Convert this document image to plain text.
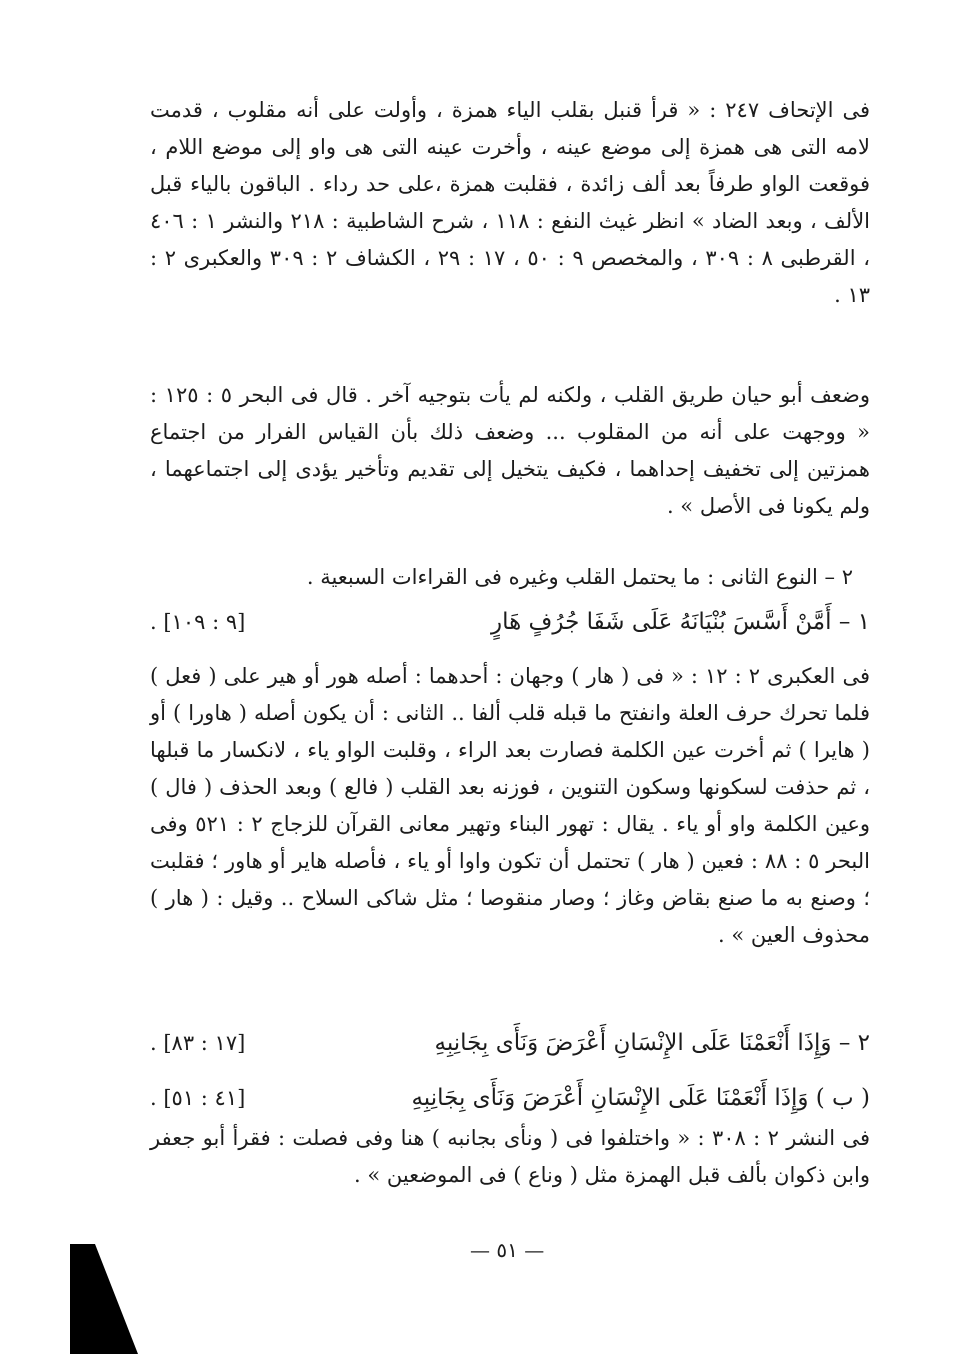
فى الإتحاف ٢٤٧ : « قرأ قنبل بقلب الياء همزة ، وأولت على أنه مقلوب ، قدمت لامه التى هى همزة إلى موضع عينه ، وأخرت عينه التى هى واو إلى موضع اللام ، فوقعت الواو طرفاً بعد ألف زائدة ، فقلبت همزة ،على حد رداء . الباقون بالياء قبل الألف ، وبعد الضاد » انظر غيث النفع : ١١٨ ، شرح الشاطبية : ٢١٨ والنشر ١ : ٤٠٦ ، القرطبى ٨ : ٣٠٩ ، والمخصص ٩ : ٥٠ ، ١٧ : ٢٩ ، الكشاف ٢ : ٣٠٩ والعكبرى ٢ : ١٣ .
وضعف أبو حيان طريق القلب ، ولكنه لم يأت بتوجيه آخر . قال فى البحر ٥ : ١٢٥ : « ووجهت على أنه من المقلوب ... وضعف ذلك بأن القياس الفرار من اجتماع همزتين إلى تخفيف إحداهما ، فكيف يتخيل إلى تقديم وتأخير يؤدى إلى اجتماعهما ، ولم يكونا فى الأصل » .
٢ – النوع الثانى : ما يحتمل القلب وغيره فى القراءات السبعية .
١ – أَمَّنْ أَسَّسَ بُنْيَانَهُ عَلَى شَفَا جُرُفٍ هَارٍ
[٩ : ١٠٩] .
فى العكبرى ٢ : ١٢ : « فى ( هار ) وجهان : أحدهما : أصله هور أو هير على ( فعل ) فلما تحرك حرف العلة وانفتح ما قبله قلب ألفا .. الثانى : أن يكون أصله ( هاورا ) أو ( هايرا ) ثم أخرت عين الكلمة فصارت بعد الراء ، وقلبت الواو ياء ، لانكسار ما قبلها ، ثم حذفت لسكونها وسكون التنوين ، فوزنه بعد القلب ( فالع ) وبعد الحذف ( فال ) وعين الكلمة واو أو ياء . يقال : تهور البناء وتهير معانى القرآن للزجاج ٢ : ٥٢١ وفى البحر ٥ : ٨٨ : فعين ( هار ) تحتمل أن تكون واوا أو ياء ، فأصله هاير أو هاور ؛ فقلبت ؛ وصنع به ما صنع بقاض وغاز ؛ وصار منقوصا ؛ مثل شاكى السلاح .. وقيل : ( هار ) محذوف العين » .
٢ – وَإِذَا أَنْعَمْنَا عَلَى الإِنْسَانِ أَعْرَضَ وَنَأَى بِجَانِبِهِ
[١٧ : ٨٣] .
( ب ) وَإِذَا أَنْعَمْنَا عَلَى الإِنْسَانِ أَعْرَضَ وَنَأَى بِجَانِبِهِ
[٤١ : ٥١] .
فى النشر ٢ : ٣٠٨ : « واختلفوا فى ( ونأى بجانبه ) هنا وفى فصلت : فقرأ أبو جعفر وابن ذكوان بألف قبل الهمزة مثل ( وناع ) فى الموضعين » .
— ٥١ —
